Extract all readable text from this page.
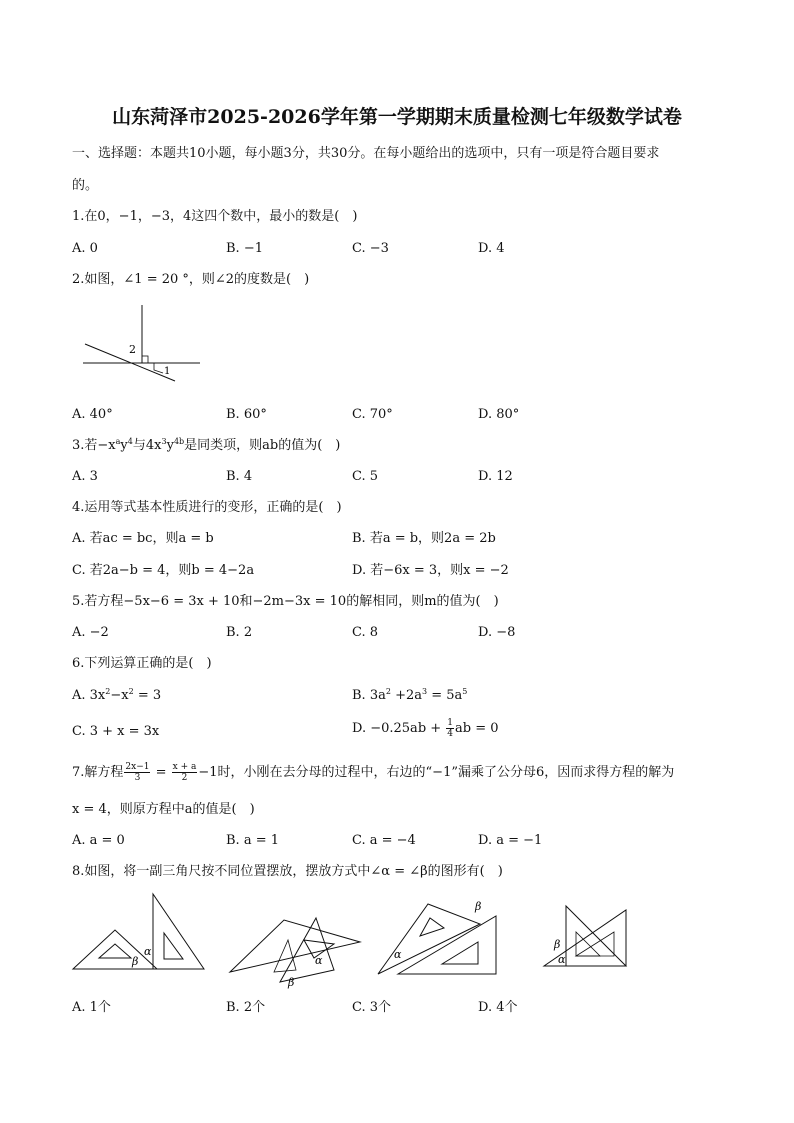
山东菏泽市2025-2026学年第一学期期末质量检测七年级数学试卷
一、选择题：本题共10小题，每小题3分，共30分。在每小题给出的选项中，只有一项是符合题目要求
的。
1.在0，−1，−3，4这四个数中，最小的数是(　)
A. 0	B. −1	C. −3	D. 4
2.如图，∠1 = 20 °，则∠2的度数是(　)
2
1
A. 40°	B. 60°	C. 70°	D. 80°
3.若$-x^ay^4$与$4x^3y^{4b}$是同类项，则ab的值为(　)
A. 3	B. 4	C. 5	D. 12
4.运用等式基本性质进行的变形，正确的是(　)
A. 若ac = bc，则a = b	B. 若a = b，则2a = 2b
C. 若2a−b = 4，则b = 4−2a	D. 若−6x = 3，则x = −2
5.若方程−5x−6 = 3x + 10和−2m−3x = 10的解相同，则m的值为(　)
A. −2	B. 2	C. 8	D. −8
6.下列运算正确的是(　)
A. $3x^2-x^2 = 3$	B. $3a^2 +2a^3 = 5a^5$
C. 3 + x = 3x	D. $-0.25ab + \frac{1}{4}$ ab = 0
7.解方程 $\frac{2x-1}{3} = \frac{x + a}{2} -1$时，小刚在去分母的过程中，右边的“−1”漏乘了公分母6，因而求得方程的解为
x = 4，则原方程中a的值是(　)
A. a = 0	B. a = 1	C. a = −4	D. a = −1
8.如图，将一副三角尺按不同位置摆放，摆放方式中∠α = ∠β的图形有(　)
α
β	α
β
α
β
β
α
A. 1个	B. 2个	C. 3个	D. 4个
